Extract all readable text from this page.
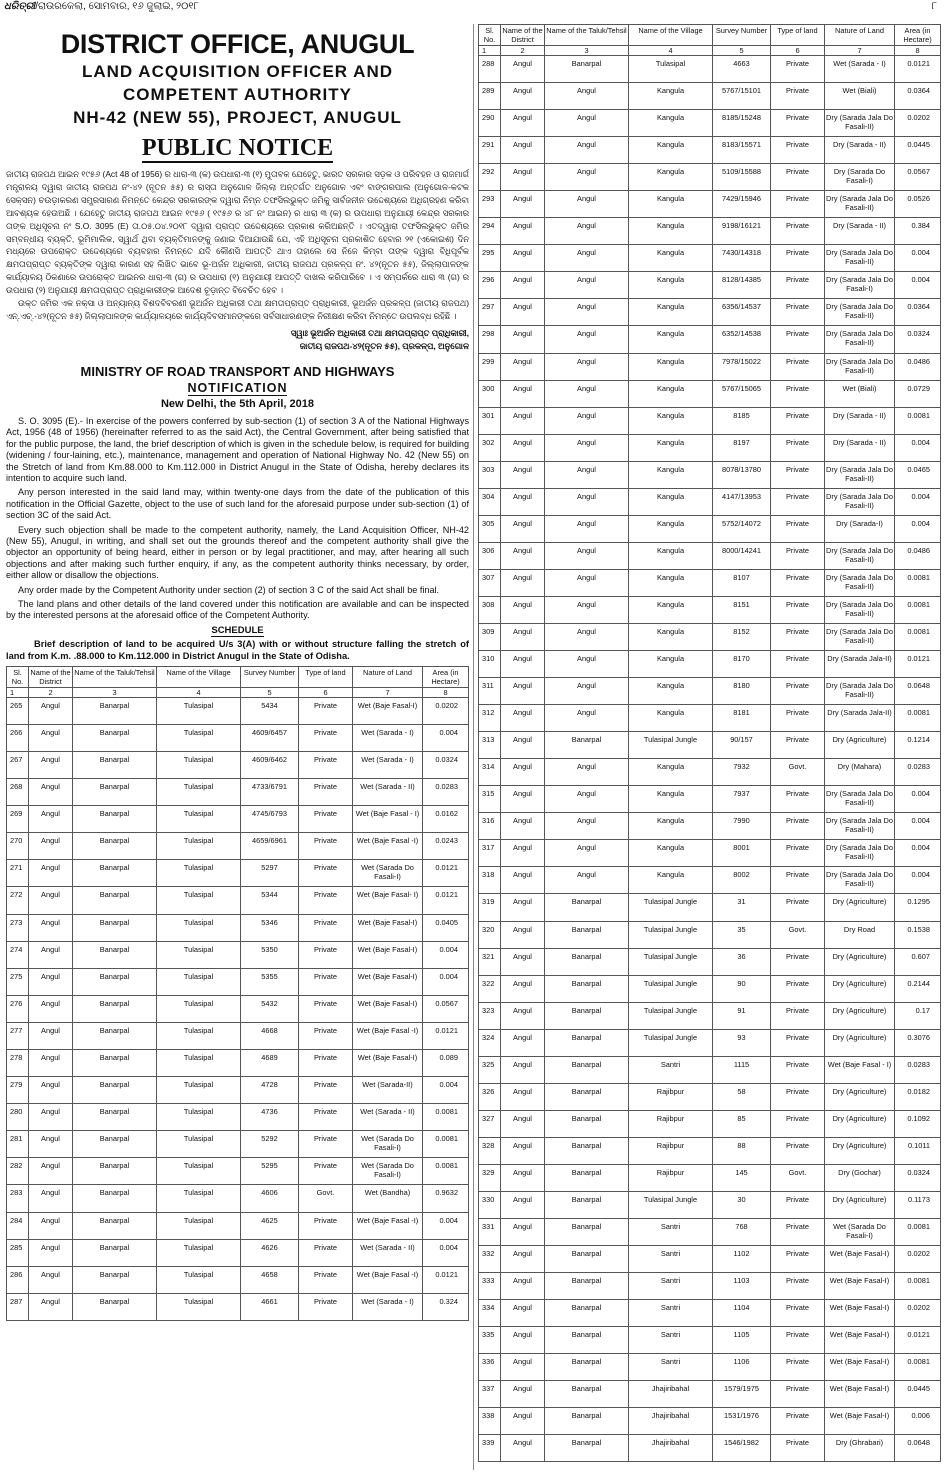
ଧରିତ୍ରୀ/ରାଉରକେଲା, ସୋମବାର, ୧୬ ଜୁଲାଇ, ୨୦୧୮	୮
DISTRICT OFFICE, ANUGUL
LAND ACQUISITION OFFICER AND
COMPETENT AUTHORITY
NH-42 (NEW 55), PROJECT, ANUGUL
PUBLIC NOTICE

ଜାତୀୟ ରାଜପଥ ଆଇନ ୧୯୫୬ (Act 48 of 1956) ର ଧାରା-୩ (କ) ଉପଧାରା-୩ (୧) ମୁତାବକ ଯେହେତୁ, ଭାରତ ସରକାର ସଡ଼କ ଓ ପରିବହନ ଓ ରାଜମାର୍ଗ ମନ୍ତ୍ରାଳୟ ଦ୍ୱାରା ଜାତୀୟ ରାଜପଥ ନଂ-୪୨ (ନୂତନ ୫୫) ର ରାସ୍ତା ଅନୁଗୋଳ ଜିଲ୍ଲା ଅନ୍ତର୍ଗତ ଅନୁଗୋଳ ଏବଂ ବାଙ୍ଗରପାଲ (ଅନୁଗୋଳ-କଟକ ସେକ୍ସନ) ଚଉଡ଼ାକରଣ ସମ୍ପ୍ରସାରଣ ନିମନ୍ତେ କେନ୍ଦ୍ର ସରକାରଙ୍କ ଦ୍ୱାରା ନିମ୍ନ ତଫସିଲଭୁକ୍ତ ଜମିକୁ ସାର୍ବଜନୀନ ଉଦ୍ଦେଶ୍ୟରେ ଅଧିଗ୍ରହଣ କରିବା ଆବଶ୍ୟକ ହେଉଅଛି । ଯେହେତୁ ଜାତୀୟ ରାଜପଥ ଆଇନ ୧୯୫୬ ( ୧୯୫୬ ର ୪୮ ନଂ ଆଇନ) ର ଧାରା ୩ (କ) ର ଉପଧାରା ଅନୁଯାୟୀ କେନ୍ଦ୍ର ସରକାର ତାଙ୍କ ଅଧିସୂଚନା ନଂ S.O. 3095 (E) ତା.୦୫.୦୪.୨୦୧୮ ଦ୍ୱାରା ପ୍ରାପ୍ତ ଉଦ୍ଦେଶ୍ୟରେ ପ୍ରକାଶ କରିଅଛନ୍ତି । ଏତଦ୍ୱାରା ତଫସିଲଭୁକ୍ତ ଜମିର ସମ୍ବନ୍ଧୀୟ ବ୍ୟକ୍ତି, ଭୂମିମାଲିକ, ସ୍ୱାର୍ଥ ଥିବା ବ୍ୟକ୍ତିମାନଙ୍କୁ ଜଣାଇ ଦିଆଯାଉଛି ଯେ, ଏହି ଅଧିସୂଚନା ପ୍ରକାଶିତ ହେବାର ୨୧ (ଏକୋଇଶ) ଦିନ ମଧ୍ୟରେ ଉପରୋକ୍ତ ଉଦ୍ଦେଶ୍ୟରେ ବ୍ୟବହାର ନିମନ୍ତେ ଯଦି କୌଣସି ଆପତ୍ତି ଥାଏ ତାହାଲେ ସେ ନିଜେ କିମ୍ବା ତାଙ୍କ ଦ୍ୱାରା ବିଧିପୂର୍ବକ କ୍ଷମତାପ୍ରାପ୍ତ ବ୍ୟକ୍ତିଙ୍କ ଦ୍ୱାରା କାରଣ ସହ ଲିଖିତ ଭାବେ ଭୂ-ଅର୍ଜନ ଅଧିକାରୀ, ଜାତୀୟ ରାଜପଥ ପ୍ରକଳ୍ପ ନଂ. ୪୨(ନୂତନ ୫୫), ଜିଲ୍ଲାପାଳଙ୍କ କାର୍ଯ୍ୟାଳୟ ଠିକଣାରେ ଉପରୋକ୍ତ ଆଇନର ଧାରା-୩ (ଗ) ର ଉପଧାରା (୧) ଅନୁଯାୟୀ ଆପତ୍ତି ଦାଖଲ କରିପାରିବେ । ଏ ସମ୍ପର୍କରେ ଧାରା ୩ (ଗ) ର ଉପଧାରା (୨) ଅନୁଯାୟୀ କ୍ଷମତାପ୍ରାପ୍ତ ପ୍ରାଧିକାରୀଙ୍କ ଆଦେଶ ଚୂଡ଼ାନ୍ତ ବିବେଚିତ ହେବ ।

ଉକ୍ତ ଜମିର ଏକ ନକ୍ସା ଓ ଅନ୍ୟାନ୍ୟ ବିଶଦବିବରଣୀ ଭୂଅର୍ଜନ ଅଧିକାରୀ ତଥା କ୍ଷମତାପ୍ରାପ୍ତ ପ୍ରାଧିକାରୀ, ଭୂଅର୍ଜନ ପ୍ରକଳ୍ପ (ଜାତୀୟ ରାଜପଥ) ଏନ୍.ଏଚ୍.-୪୨(ନୂତନ ୫୫) ଜିଲ୍ଲାପାଳଙ୍କ କାର୍ଯ୍ୟାଳୟରେ କାର୍ଯ୍ୟଦିବସମାନଙ୍କରେ ସର୍ବସାଧାରଣଙ୍କ ନିରୀକ୍ଷଣ କରିବା ନିମନ୍ତେ ଉପଲବ୍ଧ ରହିଛି ।

ସ୍ୱାଃ ଭୂଅର୍ଜନ ଅଧିକାରୀ ତଥା କ୍ଷମତାପ୍ରାପ୍ତ ପ୍ରାଧିକାରୀ,
ଜାତୀୟ ରାଜପଥ-୪୨(ନୂତନ ୫୫), ପ୍ରକଳ୍ପ, ଅନୁଗୋଳ
MINISTRY OF ROAD TRANSPORT AND HIGHWAYS
NOTIFICATION
New Delhi, the 5th April, 2018

S. O. 3095 (E).- In exercise of the powers conferred by sub-section (1) of section 3 A of the National Highways Act, 1956 (48 of 1956) (hereinafter referred to as the said Act), the Central Government, after being satisfied that for the public purpose, the land, the brief description of which is given in the schedule below, is required for building (widening / four-laining, etc.), maintenance, management and operation of National Highway No. 42 (New 55) on the Stretch of land from Km.88.000 to Km.112.000 in District Anugul in the State of Odisha, hereby declares its intention to acquire such land.

Any person interested in the said land may, within twenty-one days from the date of the publication of this notification in the Official Gazette, object to the use of such land for the aforesaid purpose under sub-section (1) of section 3C of the said Act.

Every such objection shall be made to the competent authority, namely, the Land Acquisition Officer, NH-42 (New 55), Anugul, in writing, and shall set out the grounds thereof and the competent authority shall give the objector an opportunity of being heard, either in person or by legal practitioner, and may, after hearing all such objections and after making such further enquiry, if any, as the competent authority thinks necessary, by order, either allow or disallow the objections.

Any order made by the Competent Authority under section (2) of section 3 C of the said Act shall be final.

The land plans and other details of the land covered under this notification are available and can be inspected by the interested persons at the aforesaid office of the Competent Authority.

SCHEDULE
Brief description of land to be acquired U/s 3(A) with or without structure falling the stretch of land from K.m. .88.000 to Km.112.000 in District Anugul in the State of Odisha.
Sl. No.	Name of the District	Name of the Taluk/Tehsil	Name of the Village	Survey Number	Type of land	Nature of Land	Area (in Hectare)
1	2	3	4	5	6	7	8
265	Angul	Banarpal	Tulasipal	5434	Private	Wet (Baje Fasal-I)	0.0202
266	Angul	Banarpal	Tulasipal	4609/6457	Private	Wet (Sarada - I)	0.004
267	Angul	Banarpal	Tulasipal	4609/6462	Private	Wet (Sarada - I)	0.0324
268	Angul	Banarpal	Tulasipal	4733/6791	Private	Wet (Sarada - II)	0.0283
269	Angul	Banarpal	Tulasipal	4745/6793	Private	Wet (Baje Fasal - I)	0.0162
270	Angul	Banarpal	Tulasipal	4659/6961	Private	Wet (Baje Fasal -I)	0.0243
271	Angul	Banarpal	Tulasipal	5297	Private	Wet (Sarada Do Fasali-I)	0.0121
272	Angul	Banarpal	Tulasipal	5344	Private	Wet (Baje Fasal- I)	0.0121
273	Angul	Banarpal	Tulasipal	5346	Private	Wet (Baje Fasal-I)	0.0405
274	Angul	Banarpal	Tulasipal	5350	Private	Wet (Baje Fasal-I)	0.004
275	Angul	Banarpal	Tulasipal	5355	Private	Wet (Baje Fasal-I)	0.004
276	Angul	Banarpal	Tulasipal	5432	Private	Wet (Baje Fasal-I)	0.0567
277	Angul	Banarpal	Tulasipal	4668	Private	Wet (Baje Fasal -I)	0.0121
278	Angul	Banarpal	Tulasipal	4689	Private	Wet (Baje Fasal-I)	0.089
279	Angul	Banarpal	Tulasipal	4728	Private	Wet (Sarada-II)	0.004
280	Angul	Banarpal	Tulasipal	4736	Private	Wet (Sarada - II)	0.0081
281	Angul	Banarpal	Tulasipal	5292	Private	Wet (Sarada Do Fasali-I)	0.0081
282	Angul	Banarpal	Tulasipal	5295	Private	Wet (Sarada Do Fasali-I)	0.0081
283	Angul	Banarpal	Tulasipal	4606	Govt.	Wet (Bandha)	0.9632
284	Angul	Banarpal	Tulasipal	4625	Private	Wet (Baje Fasal -I)	0.004
285	Angul	Banarpal	Tulasipal	4626	Private	Wet (Sarada - II)	0.004
286	Angul	Banarpal	Tulasipal	4658	Private	Wet (Baje Fasal -I)	0.0121
287	Angul	Banarpal	Tulasipal	4661	Private	Wet (Sarada - I)	0.324
Sl. No.	Name of the District	Name of the Taluk/Tehsil	Name of the Village	Survey Number	Type of land	Nature of Land	Area (in Hectare)
1	2	3	4	5	6	7	8
288	Angul	Banarpal	Tulasipal	4663	Private	Wet (Sarada - I)	0.0121
289	Angul	Angul	Kangula	5767/15101	Private	Wet (Biali)	0.0364
290	Angul	Angul	Kangula	8185/15248	Private	Dry (Sarada Jala Do Fasali-II)	0.0202
291	Angul	Angul	Kangula	8183/15571	Private	Dry (Sarada - II)	0.0445
292	Angul	Angul	Kangula	5109/15588	Private	Dry (Sarada Do Fasali-I)	0.0567
293	Angul	Angul	Kangula	7429/15946	Private	Dry (Sarada Jala Do Fasali-II)	0.0526
294	Angul	Angul	Kangula	9198/16121	Private	Dry (Sarada - II)	0.384
295	Angul	Angul	Kangula	7430/14318	Private	Dry (Sarada Jala Do Fasali-II)	0.004
296	Angul	Angul	Kangula	8128/14385	Private	Dry (Sarada Jala Do Fasali-I)	0.004
297	Angul	Angul	Kangula	6356/14537	Private	Dry (Sarada Jala Do Fasali-II)	0.0364
298	Angul	Angul	Kangula	6352/14538	Private	Dry (Sarada Jala Do Fasali-II)	0.0324
299	Angul	Angul	Kangula	7978/15022	Private	Dry (Sarada Jala Do Fasali-II)	0.0486
300	Angul	Angul	Kangula	5767/15065	Private	Wet (Biali)	0.0729
301	Angul	Angul	Kangula	8185	Private	Dry (Sarada - II)	0.0081
302	Angul	Angul	Kangula	8197	Private	Dry (Sarada - II)	0.004
303	Angul	Angul	Kangula	8078/13780	Private	Dry (Sarada Jala Do Fasali-II)	0.0465
304	Angul	Angul	Kangula	4147/13953	Private	Dry (Sarada Jala Do Fasali-II)	0.004
305	Angul	Angul	Kangula	5752/14072	Private	Dry (Sarada-I)	0.004
306	Angul	Angul	Kangula	8000/14241	Private	Dry (Sarada Jala Do Fasali-II)	0.0486
307	Angul	Angul	Kangula	8107	Private	Dry (Sarada Jala Do Fasali-II)	0.0081
308	Angul	Angul	Kangula	8151	Private	Dry (Sarada Jala Do Fasali-II)	0.0081
309	Angul	Angul	Kangula	8152	Private	Dry (Sarada Jala Do Fasali-II)	0.0081
310	Angul	Angul	Kangula	8170	Private	Dry (Sarada Jala-II)	0.0121
311	Angul	Angul	Kangula	8180	Private	Dry (Sarada Jala Do Fasali-II)	0.0648
312	Angul	Angul	Kangula	8181	Private	Dry (Sarada Jala-II)	0.0081
313	Angul	Banarpal	Tulasipal Jungle	90/157	Private	Dry (Agriculture)	0.1214
314	Angul	Angul	Kangula	7932	Govt.	Dry (Mahara)	0.0283
315	Angul	Angul	Kangula	7937	Private	Dry (Sarada Jala Do Fasali-II)	0.004
316	Angul	Angul	Kangula	7990	Private	Dry (Sarada Jala Do Fasali-II)	0.004
317	Angul	Angul	Kangula	8001	Private	Dry (Sarada Jala Do Fasali-II)	0.004
318	Angul	Angul	Kangula	8002	Private	Dry (Sarada Jala Do Fasali-II)	0.004
319	Angul	Banarpal	Tulasipal Jungle	31	Private	Dry (Agriculture)	0.1295
320	Angul	Banarpal	Tulasipal Jungle	35	Govt.	Dry Road	0.1538
321	Angul	Banarpal	Tulasipal Jungle	36	Private	Dry (Agriculture)	0.607
322	Angul	Banarpal	Tulasipal Jungle	90	Private	Dry (Agriculture)	0.2144
323	Angul	Banarpal	Tulasipal Jungle	91	Private	Dry (Agriculture)	0.17
324	Angul	Banarpal	Tulasipal Jungle	93	Private	Dry (Agriculture)	0.3076
325	Angul	Banarpal	Santri	1115	Private	Wet (Baje Fasal - I)	0.0283
326	Angul	Banarpal	Rajibpur	58	Private	Dry (Agriculture)	0.0182
327	Angul	Banarpal	Rajibpur	85	Private	Dry (Agriculture)	0.1092
328	Angul	Banarpal	Rajibpur	88	Private	Dry (Agriculture)	0.1011
329	Angul	Banarpal	Rajibpur	145	Govt.	Dry (Gochar)	0.0324
330	Angul	Banarpal	Tulasipal Jungle	30	Private	Dry (Agriculture)	0.1173
331	Angul	Banarpal	Santri	768	Private	Wet (Sarada Do Fasali-I)	0.0081
332	Angul	Banarpal	Santri	1102	Private	Wet (Baje Fasal-I)	0.0202
333	Angul	Banarpal	Santri	1103	Private	Wet (Baje Fasal-I)	0.0081
334	Angul	Banarpal	Santri	1104	Private	Wet (Baje Fasal-I)	0.0202
335	Angul	Banarpal	Santri	1105	Private	Wet (Baje Fasal-I)	0.0121
336	Angul	Banarpal	Santri	1106	Private	Wet (Baje Fasal-I)	0.0081
337	Angul	Banarpal	Jhajiribahal	1579/1975	Private	Wet (Baje Fasal-I)	0.0445
338	Angul	Banarpal	Jhajiribahal	1531/1976	Private	Wet (Baje Fasal-I)	0.006
339	Angul	Banarpal	Jhajiribahal	1546/1982	Private	Dry (Ghrabari)	0.0648
